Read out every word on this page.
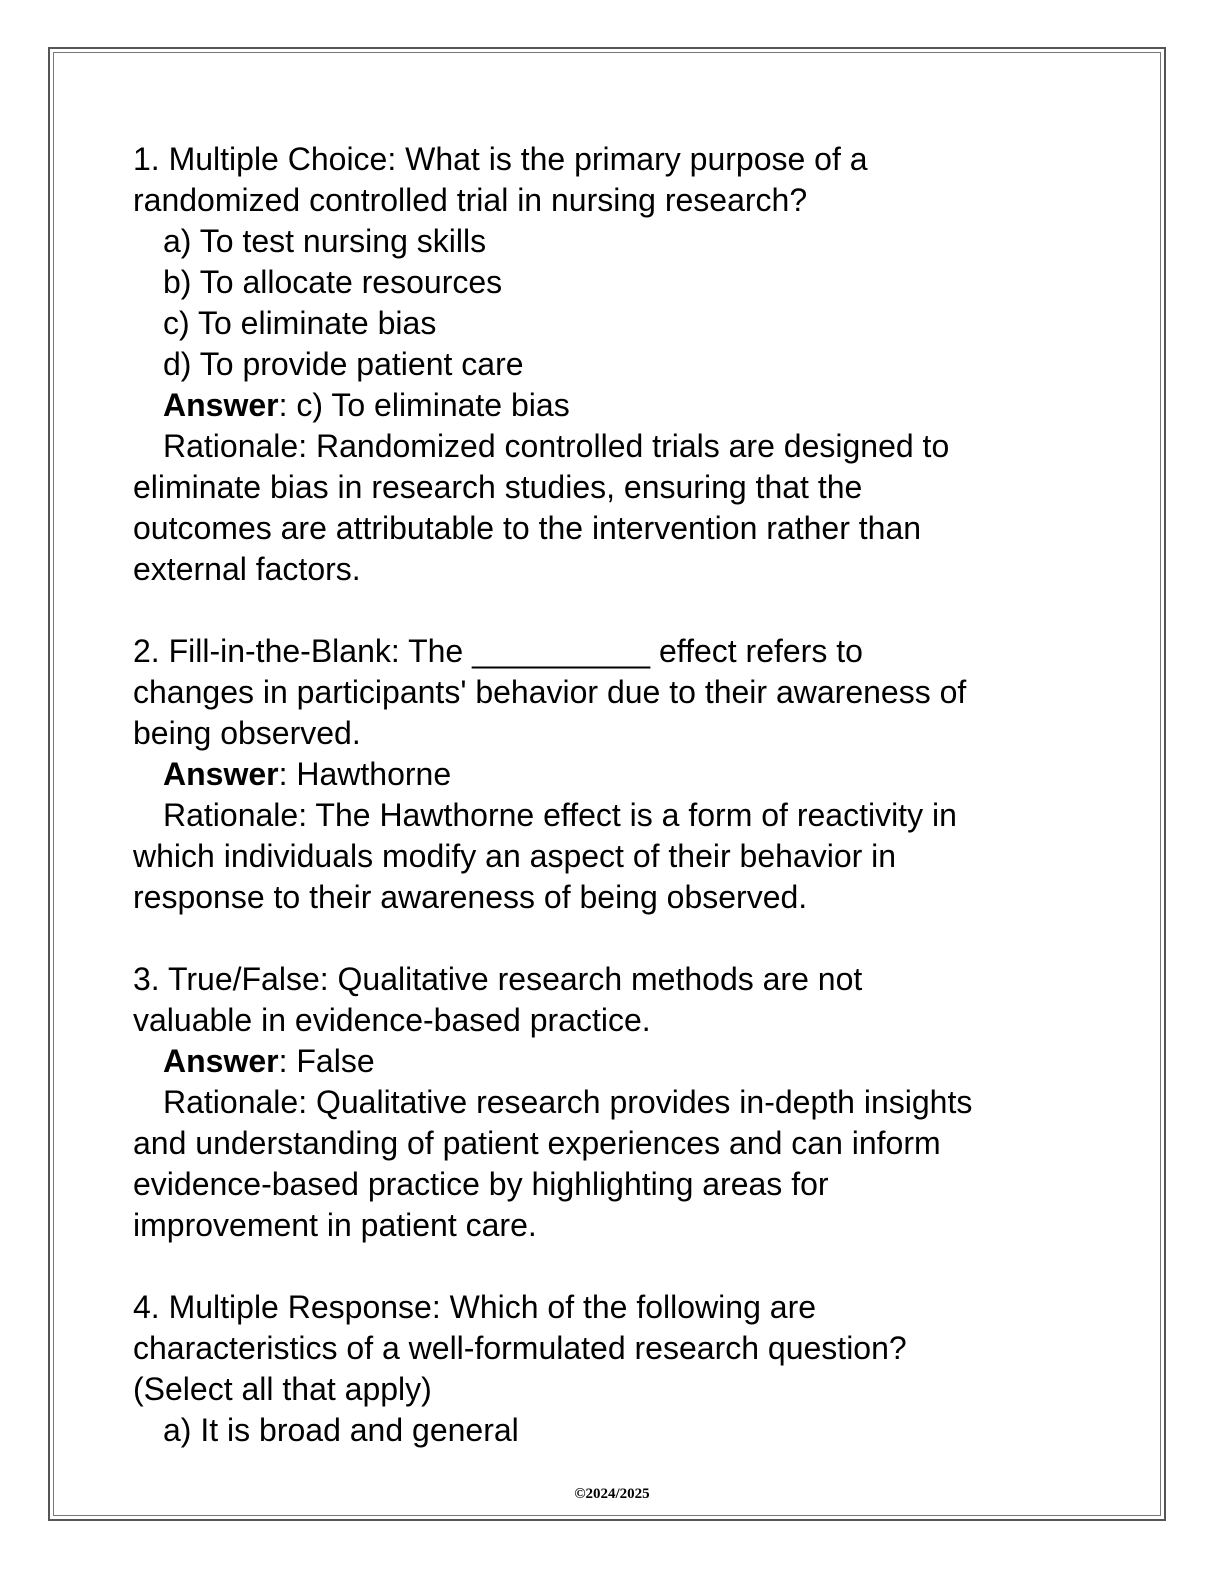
1. Multiple Choice: What is the primary purpose of a
randomized controlled trial in nursing research?
a) To test nursing skills
b) To allocate resources
c) To eliminate bias
d) To provide patient care
Answer: c) To eliminate bias
Rationale: Randomized controlled trials are designed to
eliminate bias in research studies, ensuring that the
outcomes are attributable to the intervention rather than
external factors.
2. Fill-in-the-Blank: The __________ effect refers to
changes in participants' behavior due to their awareness of
being observed.
Answer: Hawthorne
Rationale: The Hawthorne effect is a form of reactivity in
which individuals modify an aspect of their behavior in
response to their awareness of being observed.
3. True/False: Qualitative research methods are not
valuable in evidence-based practice.
Answer: False
Rationale: Qualitative research provides in-depth insights
and understanding of patient experiences and can inform
evidence-based practice by highlighting areas for
improvement in patient care.
4. Multiple Response: Which of the following are
characteristics of a well-formulated research question?
(Select all that apply)
a) It is broad and general
©2024/2025
